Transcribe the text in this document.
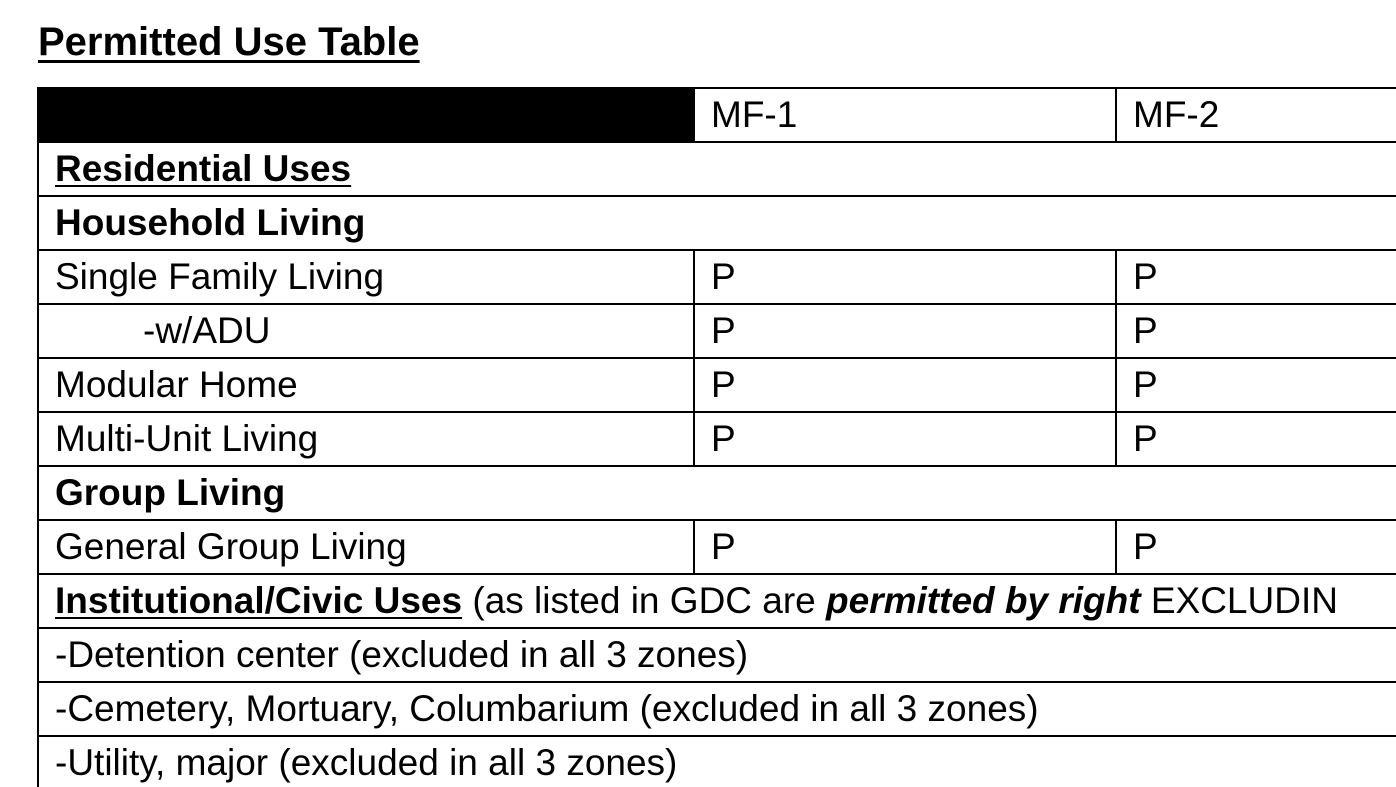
Permitted Use Table
	MF-1	MF-2
Residential Uses		
Household Living		
Single Family Living	P	P
-w/ADU	P	P
Modular Home	P	P
Multi-Unit Living	P	P
Group Living		
General Group Living	P	P
Institutional/Civic Uses (as listed in GDC are permitted by right EXCLUDIN		
-Detention center (excluded in all 3 zones)		
-Cemetery, Mortuary, Columbarium (excluded in all 3 zones)		
-Utility, major (excluded in all 3 zones)		
